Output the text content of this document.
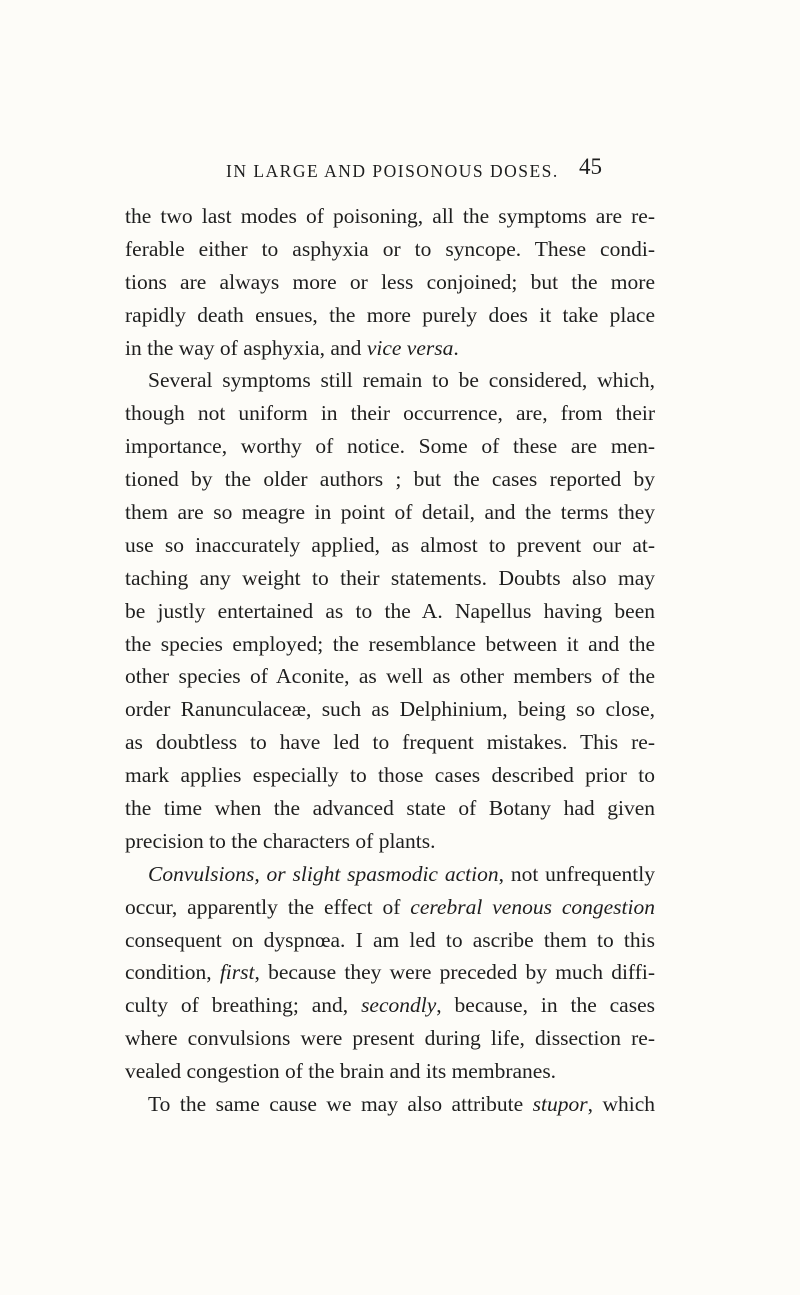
IN LARGE AND POISONOUS DOSES. 45
the two last modes of poisoning, all the symptoms are re-
ferable either to asphyxia or to syncope. These condi-
tions are always more or less conjoined; but the more
rapidly death ensues, the more purely does it take place
in the way of asphyxia, and vice versa.
Several symptoms still remain to be considered, which,
though not uniform in their occurrence, are, from their
importance, worthy of notice. Some of these are men-
tioned by the older authors ; but the cases reported by
them are so meagre in point of detail, and the terms they
use so inaccurately applied, as almost to prevent our at-
taching any weight to their statements. Doubts also may
be justly entertained as to the A. Napellus having been
the species employed; the resemblance between it and the
other species of Aconite, as well as other members of the
order Ranunculaceæ, such as Delphinium, being so close,
as doubtless to have led to frequent mistakes. This re-
mark applies especially to those cases described prior to
the time when the advanced state of Botany had given
precision to the characters of plants.
Convulsions, or slight spasmodic action, not unfrequently
occur, apparently the effect of cerebral venous congestion
consequent on dyspnœa. I am led to ascribe them to this
condition, first, because they were preceded by much diffi-
culty of breathing; and, secondly, because, in the cases
where convulsions were present during life, dissection re-
vealed congestion of the brain and its membranes.
To the same cause we may also attribute stupor, which
